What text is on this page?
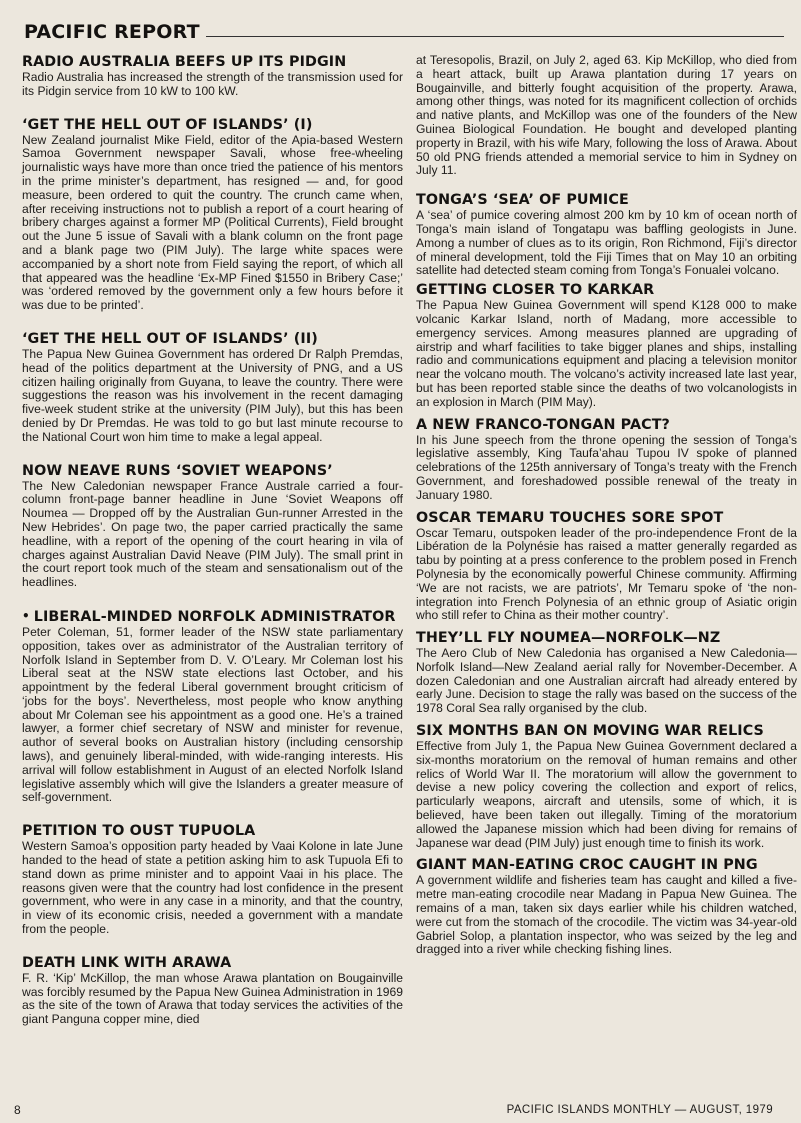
PACIFIC REPORT
RADIO AUSTRALIA BEEFS UP ITS PIDGIN

Radio Australia has increased the strength of the transmission used for its Pidgin service from 10 kW to 100 kW.

‘GET THE HELL OUT OF ISLANDS’ (I)

New Zealand journalist Mike Field, editor of the Apia-based Western Samoa Government newspaper Savali, whose free-wheeling journalistic ways have more than once tried the patience of his mentors in the prime minister’s department, has resigned — and, for good measure, been ordered to quit the country. The crunch came when, after receiving instructions not to publish a report of a court hearing of bribery charges against a former MP (Political Currents), Field brought out the June 5 issue of Savali with a blank column on the front page and a blank page two (PIM July). The large white spaces were accompanied by a short note from Field saying the report, of which all that appeared was the headline ‘Ex-MP Fined $1550 in Bribery Case;’ was ‘ordered removed by the government only a few hours before it was due to be printed’.

‘GET THE HELL OUT OF ISLANDS’ (II)

The Papua New Guinea Government has ordered Dr Ralph Premdas, head of the politics department at the University of PNG, and a US citizen hailing originally from Guyana, to leave the country. There were suggestions the reason was his involvement in the recent damaging five-week student strike at the university (PIM July), but this has been denied by Dr Premdas. He was told to go but last minute recourse to the National Court won him time to make a legal appeal.

NOW NEAVE RUNS ‘SOVIET WEAPONS’

The New Caledonian newspaper France Australe carried a four-column front-page banner headline in June ‘Soviet Weapons off Noumea — Dropped off by the Australian Gun-runner Arrested in the New Hebrides’. On page two, the paper carried practically the same headline, with a report of the opening of the court hearing in vila of charges against Australian David Neave (PIM July). The small print in the court report took much of the steam and sensationalism out of the headlines.

• LIBERAL-MINDED NORFOLK ADMINISTRATOR

Peter Coleman, 51, former leader of the NSW state parliamentary opposition, takes over as administrator of the Australian territory of Norfolk Island in September from D. V. O’Leary. Mr Coleman lost his Liberal seat at the NSW state elections last October, and his appointment by the federal Liberal government brought criticism of ‘jobs for the boys’. Nevertheless, most people who know anything about Mr Coleman see his appointment as a good one. He’s a trained lawyer, a former chief secretary of NSW and minister for revenue, author of several books on Australian history (including censorship laws), and genuinely liberal-minded, with wide-ranging interests. His arrival will follow establishment in August of an elected Norfolk Island legislative assembly which will give the Islanders a greater measure of self-government.

PETITION TO OUST TUPUOLA

Western Samoa’s opposition party headed by Vaai Kolone in late June handed to the head of state a petition asking him to ask Tupuola Efi to stand down as prime minister and to appoint Vaai in his place. The reasons given were that the country had lost confidence in the present government, who were in any case in a minority, and that the country, in view of its economic crisis, needed a government with a mandate from the people.

DEATH LINK WITH ARAWA

F. R. ‘Kip’ McKillop, the man whose Arawa plantation on Bougainville was forcibly resumed by the Papua New Guinea Administration in 1969 as the site of the town of Arawa that today services the activities of the giant Panguna copper mine, died

at Teresopolis, Brazil, on July 2, aged 63. Kip McKillop, who died from a heart attack, built up Arawa plantation during 17 years on Bougainville, and bitterly fought acquisition of the property. Arawa, among other things, was noted for its magnificent collection of orchids and native plants, and McKillop was one of the founders of the New Guinea Biological Foundation. He bought and developed planting property in Brazil, with his wife Mary, following the loss of Arawa. About 50 old PNG friends attended a memorial service to him in Sydney on July 11.

TONGA’S ‘SEA’ OF PUMICE

A ‘sea’ of pumice covering almost 200 km by 10 km of ocean north of Tonga’s main island of Tongatapu was baffling geologists in June. Among a number of clues as to its origin, Ron Richmond, Fiji’s director of mineral development, told the Fiji Times that on May 10 an orbiting satellite had detected steam coming from Tonga’s Fonualei volcano.

GETTING CLOSER TO KARKAR

The Papua New Guinea Government will spend K128 000 to make volcanic Karkar Island, north of Madang, more accessible to emergency services. Among measures planned are upgrading of airstrip and wharf facilities to take bigger planes and ships, installing radio and communications equipment and placing a television monitor near the volcano mouth. The volcano’s activity increased late last year, but has been reported stable since the deaths of two volcanologists in an explosion in March (PIM May).

A NEW FRANCO-TONGAN PACT?

In his June speech from the throne opening the session of Tonga’s legislative assembly, King Taufa’ahau Tupou IV spoke of planned celebrations of the 125th anniversary of Tonga’s treaty with the French Government, and foreshadowed possible renewal of the treaty in January 1980.

OSCAR TEMARU TOUCHES SORE SPOT

Oscar Temaru, outspoken leader of the pro-independence Front de la Libération de la Polynésie has raised a matter generally regarded as tabu by pointing at a press conference to the problem posed in French Polynesia by the economically powerful Chinese community. Affirming ‘We are not racists, we are patriots’, Mr Temaru spoke of ‘the non-integration into French Polynesia of an ethnic group of Asiatic origin who still refer to China as their mother country’.

THEY’LL FLY NOUMEA—NORFOLK—NZ

The Aero Club of New Caledonia has organised a New Caledonia—Norfolk Island—New Zealand aerial rally for November-December. A dozen Caledonian and one Australian aircraft had already entered by early June. Decision to stage the rally was based on the success of the 1978 Coral Sea rally organised by the club.

SIX MONTHS BAN ON MOVING WAR RELICS

Effective from July 1, the Papua New Guinea Government declared a six-months moratorium on the removal of human remains and other relics of World War II. The moratorium will allow the government to devise a new policy covering the collection and export of relics, particularly weapons, aircraft and utensils, some of which, it is believed, have been taken out illegally. Timing of the moratorium allowed the Japanese mission which had been diving for remains of Japanese war dead (PIM July) just enough time to finish its work.

GIANT MAN-EATING CROC CAUGHT IN PNG

A government wildlife and fisheries team has caught and killed a five-metre man-eating crocodile near Madang in Papua New Guinea. The remains of a man, taken six days earlier while his children watched, were cut from the stomach of the crocodile. The victim was 34-year-old Gabriel Solop, a plantation inspector, who was seized by the leg and dragged into a river while checking fishing lines.

8	PACIFIC ISLANDS MONTHLY — AUGUST, 1979
